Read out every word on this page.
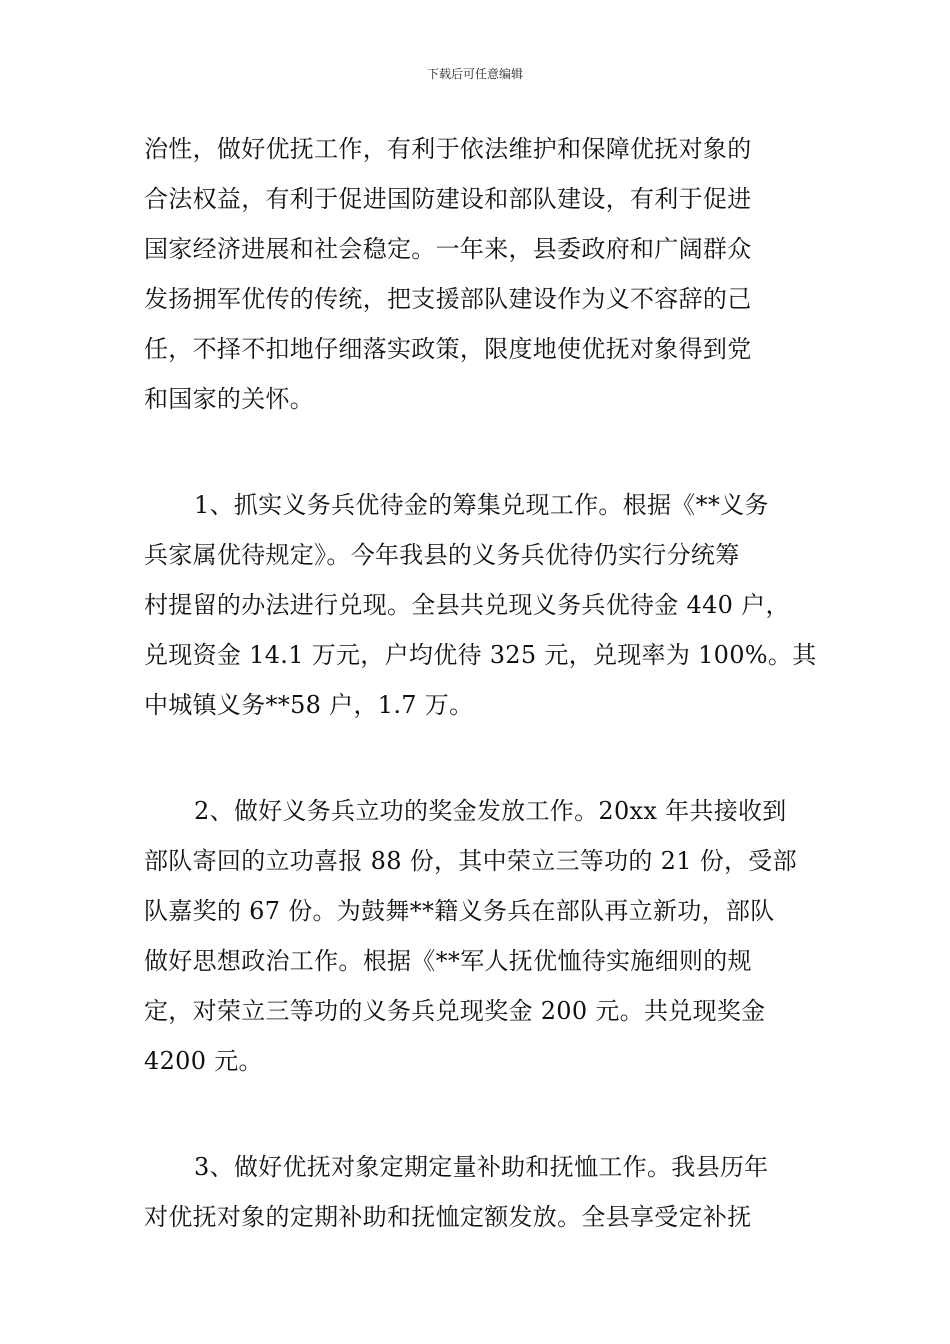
下载后可任意编辑
治性，做好优抚工作，有利于依法维护和保障优抚对象的
合法权益，有利于促进国防建设和部队建设，有利于促进
国家经济进展和社会稳定。一年来，县委政府和广阔群众
发扬拥军优传的传统，把支援部队建设作为义不容辞的己
任，不择不扣地仔细落实政策，限度地使优抚对象得到党
和国家的关怀。
1、抓实义务兵优待金的筹集兑现工作。根据《**义务
兵家属优待规定》。今年我县的义务兵优待仍实行分统筹
村提留的办法进行兑现。全县共兑现义务兵优待金 440 户，
兑现资金 14.1 万元，户均优待 325 元，兑现率为 100%。其
中城镇义务**58 户，1.7 万。
2、做好义务兵立功的奖金发放工作。20xx 年共接收到
部队寄回的立功喜报 88 份，其中荣立三等功的 21 份，受部
队嘉奖的 67 份。为鼓舞**籍义务兵在部队再立新功，部队
做好思想政治工作。根据《**军人抚优恤待实施细则的规
定，对荣立三等功的义务兵兑现奖金 200 元。共兑现奖金
4200 元。
3、做好优抚对象定期定量补助和抚恤工作。我县历年
对优抚对象的定期补助和抚恤定额发放。全县享受定补抚
